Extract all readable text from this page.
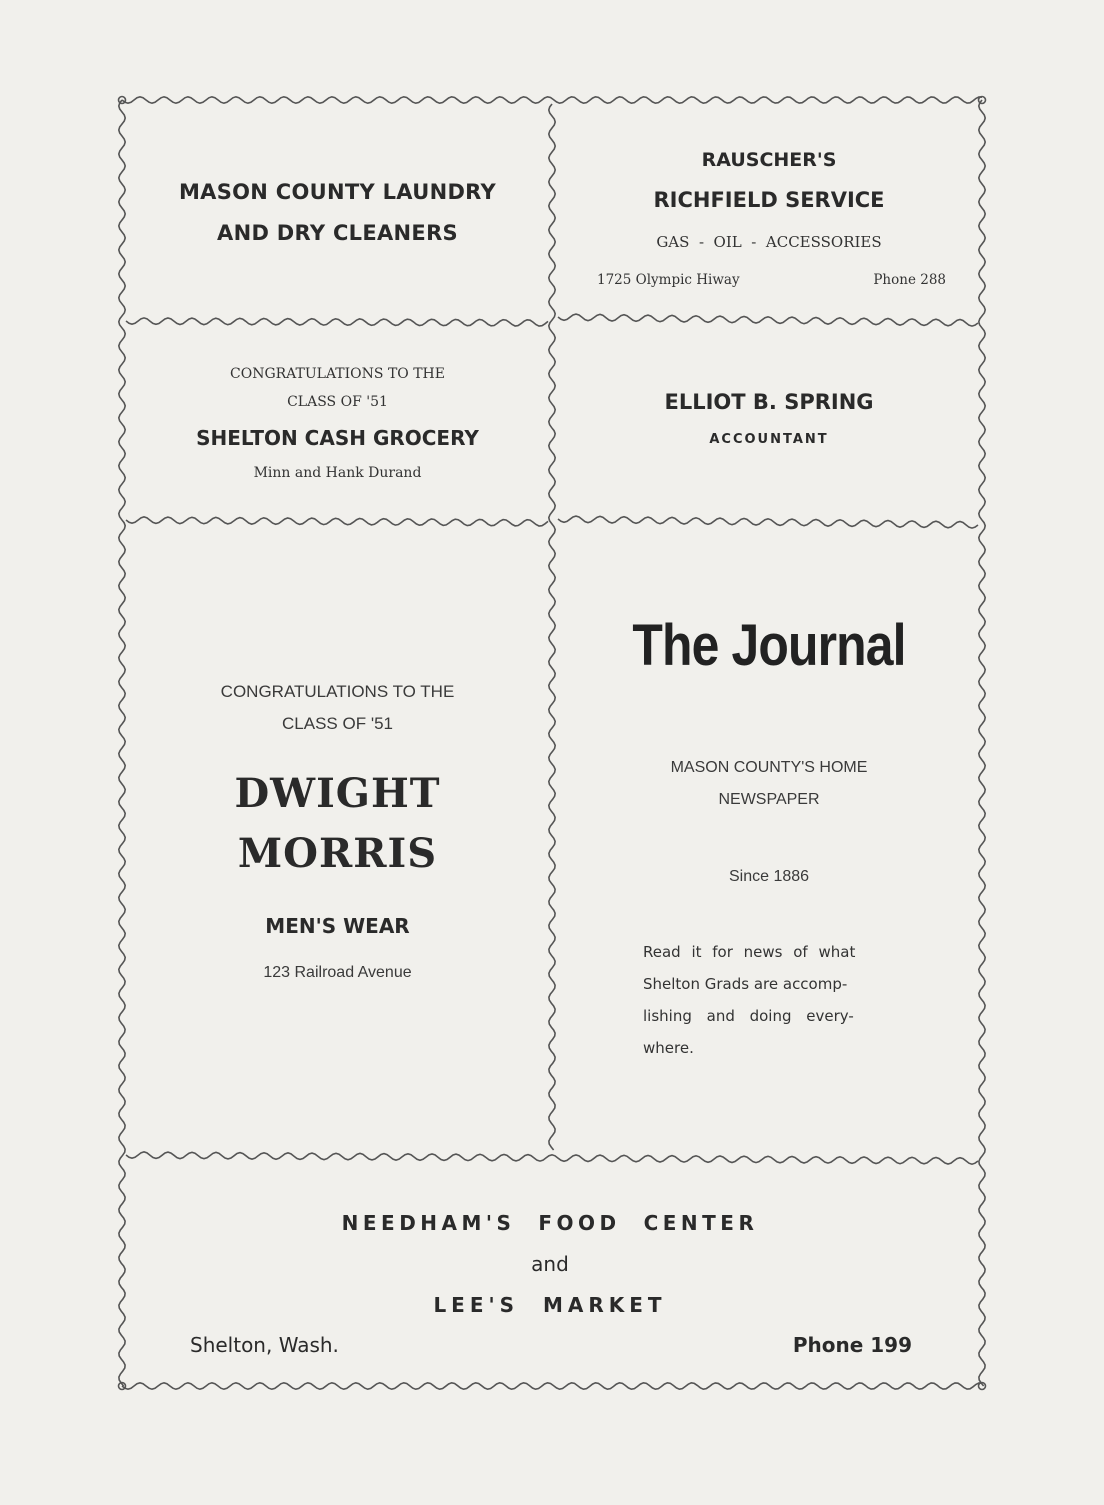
MASON COUNTY LAUNDRY
AND DRY CLEANERS
RAUSCHER'S
RICHFIELD SERVICE
GAS  -  OIL  -  ACCESSORIES
1725 Olympic Hiway	Phone 288
CONGRATULATIONS TO THE
CLASS OF '51
SHELTON CASH GROCERY
Minn and Hank Durand
ELLIOT B. SPRING
ACCOUNTANT
CONGRATULATIONS TO THE
CLASS OF '51
DWIGHT
MORRIS
MEN'S WEAR
123 Railroad Avenue
The Journal
MASON COUNTY'S HOME
NEWSPAPER
Since 1886
Read it for news of what
Shelton Grads are accomp-
lishing and doing every-
where.
NEEDHAM'S  FOOD  CENTER
and
LEE'S  MARKET
Shelton, Wash.	Phone 199
